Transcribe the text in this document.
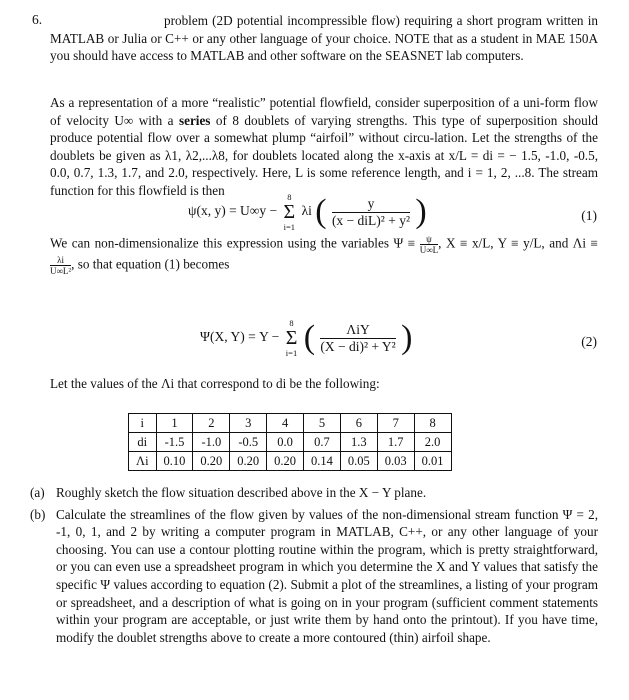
6.	problem (2D potential incompressible flow) requiring a short program written in MATLAB or Julia or C++ or any other language of your choice. NOTE that as a student in MAE 150A you should have access to MATLAB and other software on the SEASNET lab computers.
As a representation of a more “realistic” potential flowfield, consider superposition of a uni-form flow of velocity U∞ with a series of 8 doublets of varying strengths. This type of superposition should produce potential flow over a somewhat plump “airfoil” without circu-lation. Let the strengths of the doublets be given as λ1, λ2,...λ8, for doublets located along the x-axis at x/L = di = − 1.5, -1.0, -0.5, 0.0, 0.7, 1.3, 1.7, and 2.0, respectively. Here, L is some reference length, and i = 1, 2, ...8. The stream function for this flowfield is then
ψ(x, y) = U∞y −
8
Σ
i=1
λi ( $\frac{y}{\text{(x − diL)² + y²}}$ )	(1)
We can non-dimensionalize this expression using the variables $\Psi \equiv \frac{\psi}{U\infty L}$ , X ≡ x/L, Y ≡ y/L, and Λi ≡
$\frac{\lambda i}{\text{U∞L²}}$ , so that equation (1) becomes
Ψ(X, Y) = Y −
8
Σ
i=1 ( $\frac{\text{ΛiY}}{\text{(X − di)² + Y²}}$ )	(2)
Let the values of the Λi that correspond to di be the following:
i	1	2	3	4	5	6	7	8
di	-1.5	-1.0	-0.5	0.0	0.7	1.3	1.7	2.0
Λi	0.10	0.20	0.20	0.20	0.14	0.05	0.03	0.01
(a) Roughly sketch the flow situation described above in the X − Y plane.
(b) Calculate the streamlines of the flow given by values of the non-dimensional stream function Ψ = 2, -1, 0, 1, and 2 by writing a computer program in MATLAB, C++, or any other language of your choosing. You can use a contour plotting routine within the program, which is pretty straightforward, or you can even use a spreadsheet program in which you determine the X and Y values that satisfy the specific Ψ values according to equation (2). Submit a plot of the streamlines, a listing of your program or spreadsheet, and a description of what is going on in your program (sufficient comment statements within your program are acceptable, or just write them by hand onto the printout). If you have time, modify the doublet strengths above to create a more contoured (thin) airfoil shape.
